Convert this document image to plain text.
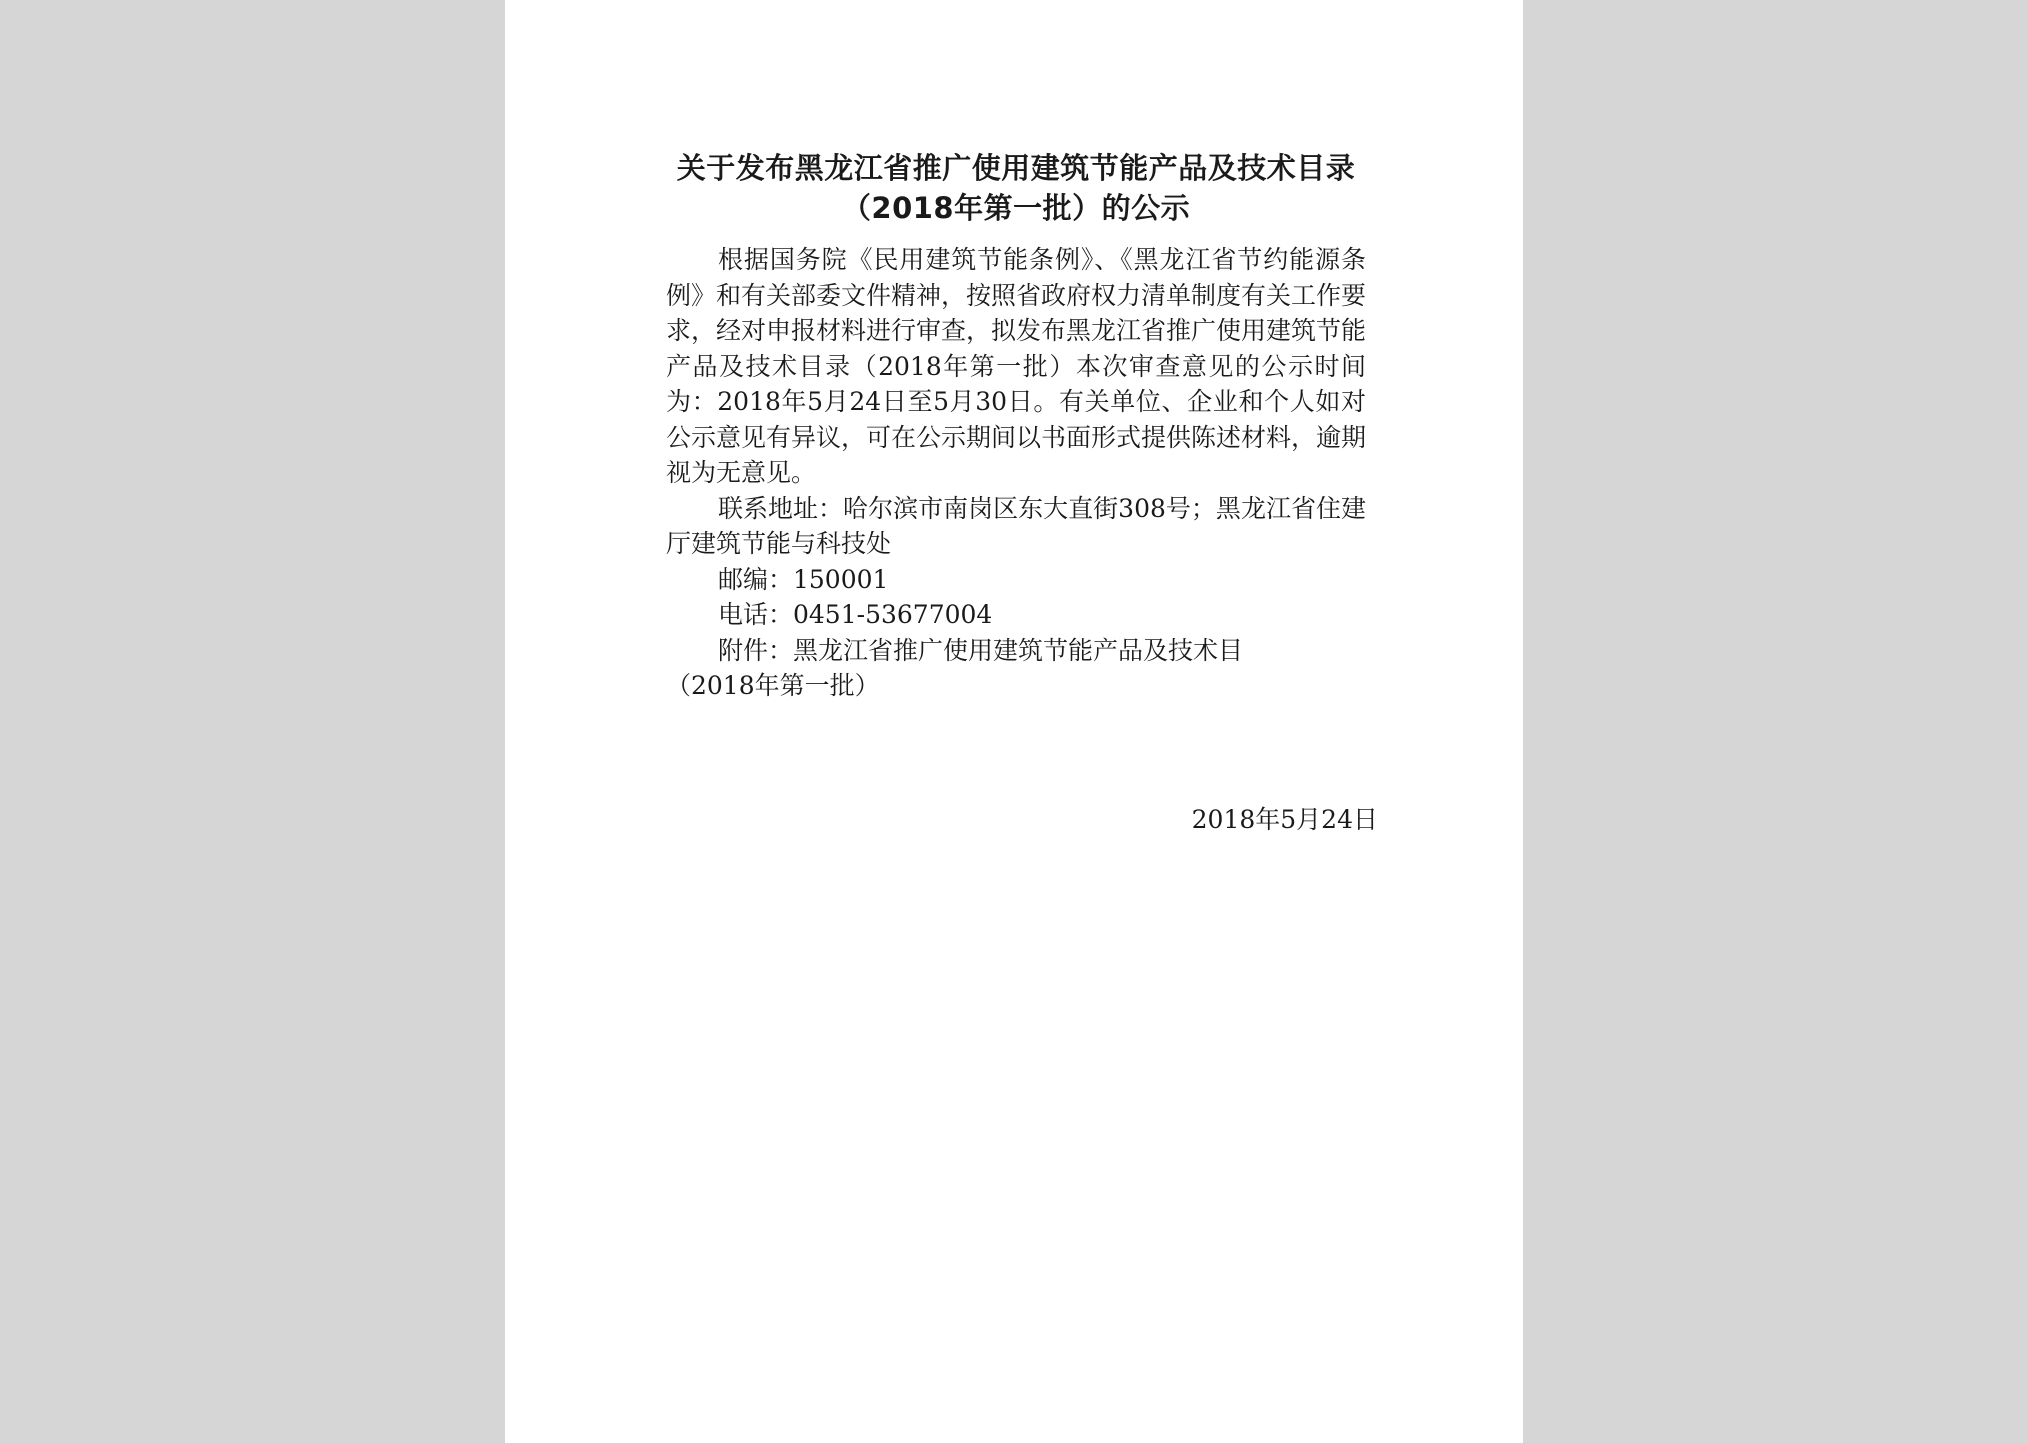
关于发布黑龙江省推广使用建筑节能产品及技术目录（2018年第一批）的公示

根据国务院《民用建筑节能条例》、《黑龙江省节约能源条例》和有关部委文件精神，按照省政府权力清单制度有关工作要求，经对申报材料进行审查，拟发布黑龙江省推广使用建筑节能产品及技术目录（2018年第一批）本次审查意见的公示时间为：2018年5月24日至5月30日。有关单位、企业和个人如对公示意见有异议，可在公示期间以书面形式提供陈述材料，逾期视为无意见。

联系地址：哈尔滨市南岗区东大直街308号；黑龙江省住建厅建筑节能与科技处

邮编：150001

电话：0451-53677004

附件：黑龙江省推广使用建筑节能产品及技术目

（2018年第一批）

2018年5月24日
